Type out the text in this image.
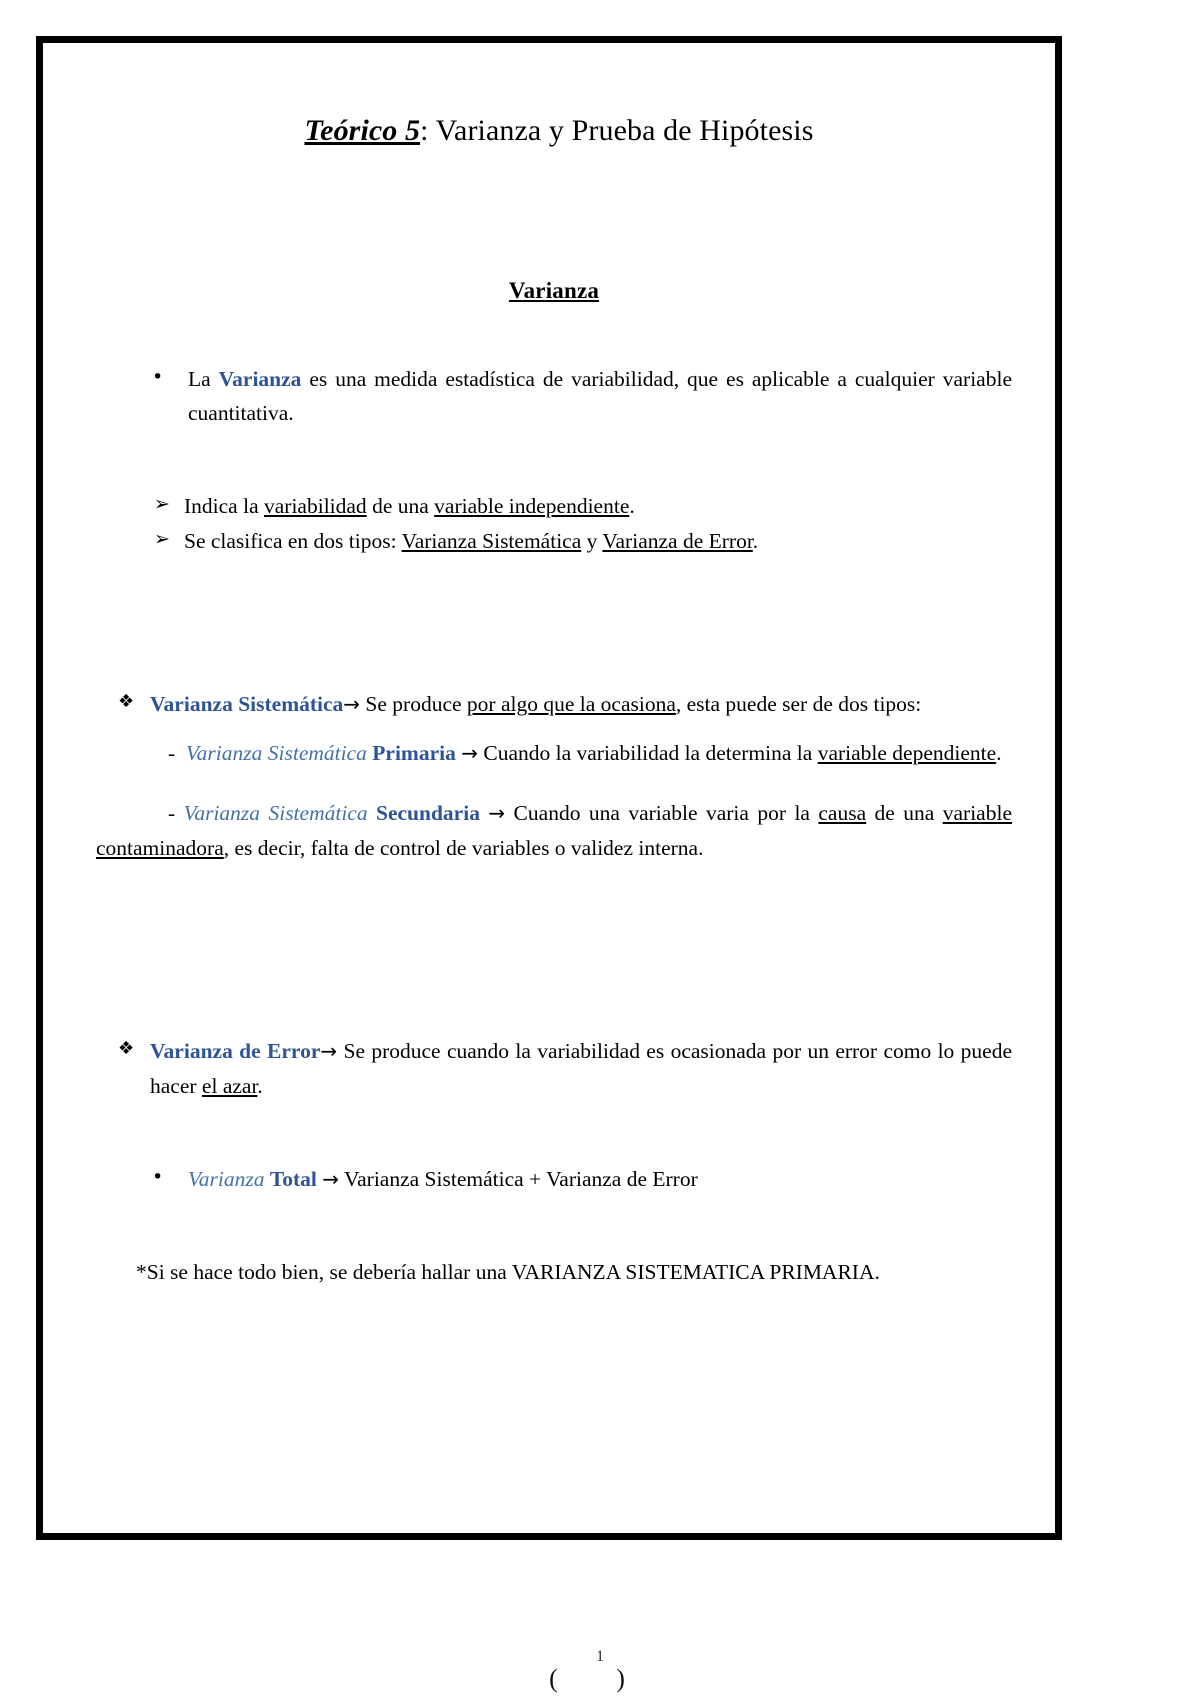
Teórico 5: Varianza y Prueba de Hipótesis
Varianza
•	La Varianza es una medida estadística de variabilidad, que es aplicable a cualquier variable cuantitativa.
➢ Indica la variabilidad de una variable independiente.
➢ Se clasifica en dos tipos: Varianza Sistemática y Varianza de Error.
❖ Varianza Sistemática→ Se produce por algo que la ocasiona, esta puede ser de dos tipos:
- Varianza Sistemática Primaria → Cuando la variabilidad la determina la variable dependiente.
- Varianza Sistemática Secundaria → Cuando una variable varia por la causa de una variable contaminadora, es decir, falta de control de variables o validez interna.
❖ Varianza de Error→ Se produce cuando la variabilidad es ocasionada por un error como lo puede hacer el azar.
•	Varianza Total → Varianza Sistemática + Varianza de Error
*Si se hace todo bien, se debería hallar una VARIANZA SISTEMATICA PRIMARIA.
1
( )
